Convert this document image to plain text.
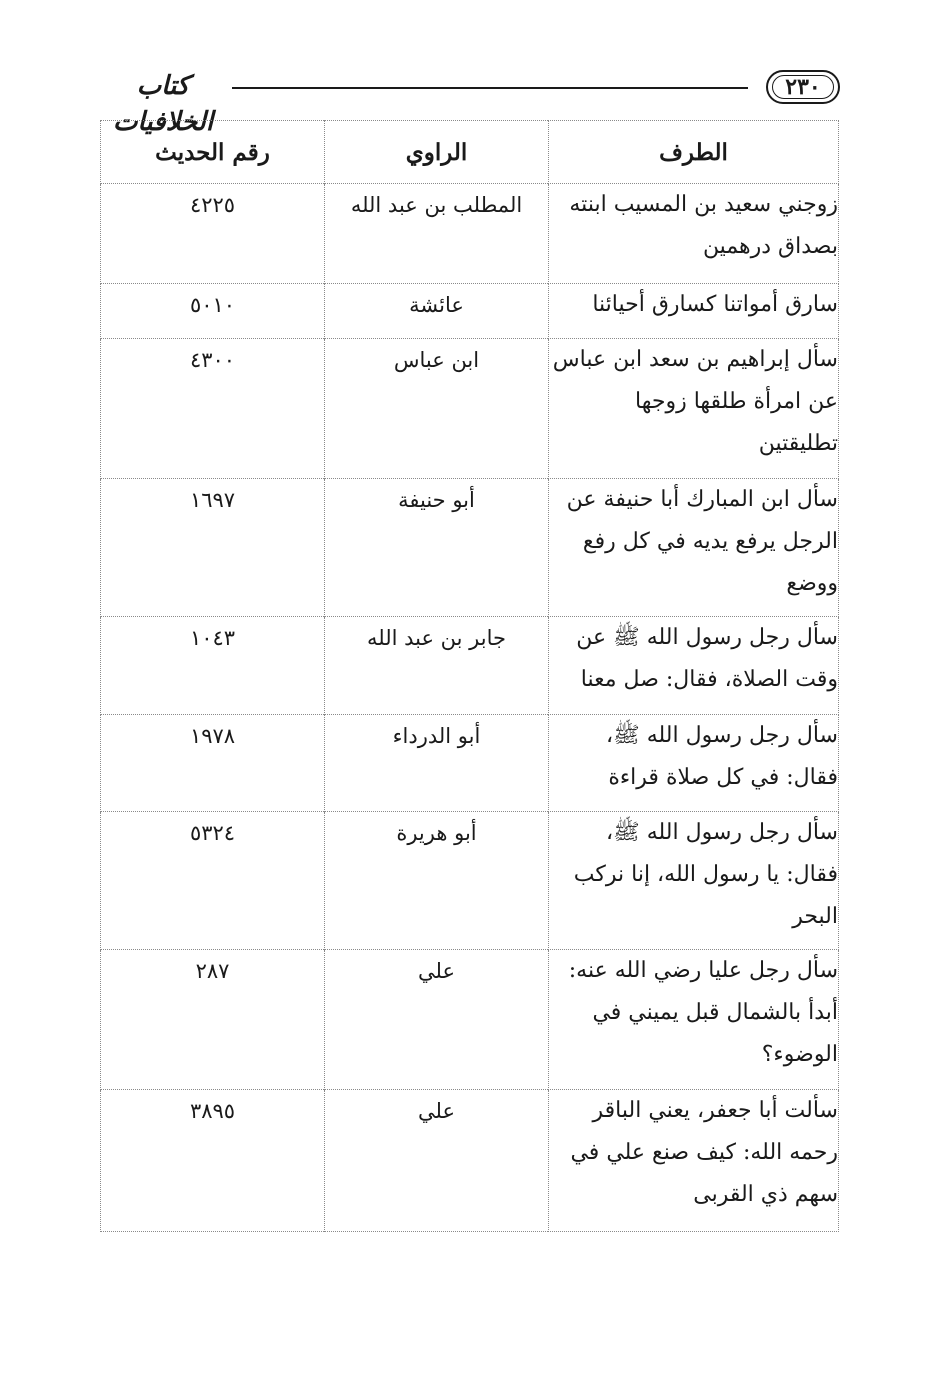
٢٣٠
كتاب الخلافيات
الطرف	الراوي	رقم الحديث
زوجني سعيد بن المسيب ابنته بصداق درهمين	المطلب بن عبد الله	٤٢٢٥
سارق أمواتنا كسارق أحيائنا	عائشة	٥٠١٠
سأل إبراهيم بن سعد ابن عباس عن امرأة طلقها زوجها تطليقتين	ابن عباس	٤٣٠٠
سأل ابن المبارك أبا حنيفة عن الرجل يرفع يديه في كل رفع ووضع	أبو حنيفة	١٦٩٧
سأل رجل رسول الله ﷺ عن وقت الصلاة، فقال: صل معنا	جابر بن عبد الله	١٠٤٣
سأل رجل رسول الله ﷺ، فقال: في كل صلاة قراءة	أبو الدرداء	١٩٧٨
سأل رجل رسول الله ﷺ، فقال: يا رسول الله، إنا نركب البحر	أبو هريرة	٥٣٢٤
سأل رجل عليا رضي الله عنه: أبدأ بالشمال قبل يميني في الوضوء؟	علي	٢٨٧
سألت أبا جعفر، يعني الباقر رحمه الله: كيف صنع علي في سهم ذي القربى	علي	٣٨٩٥
